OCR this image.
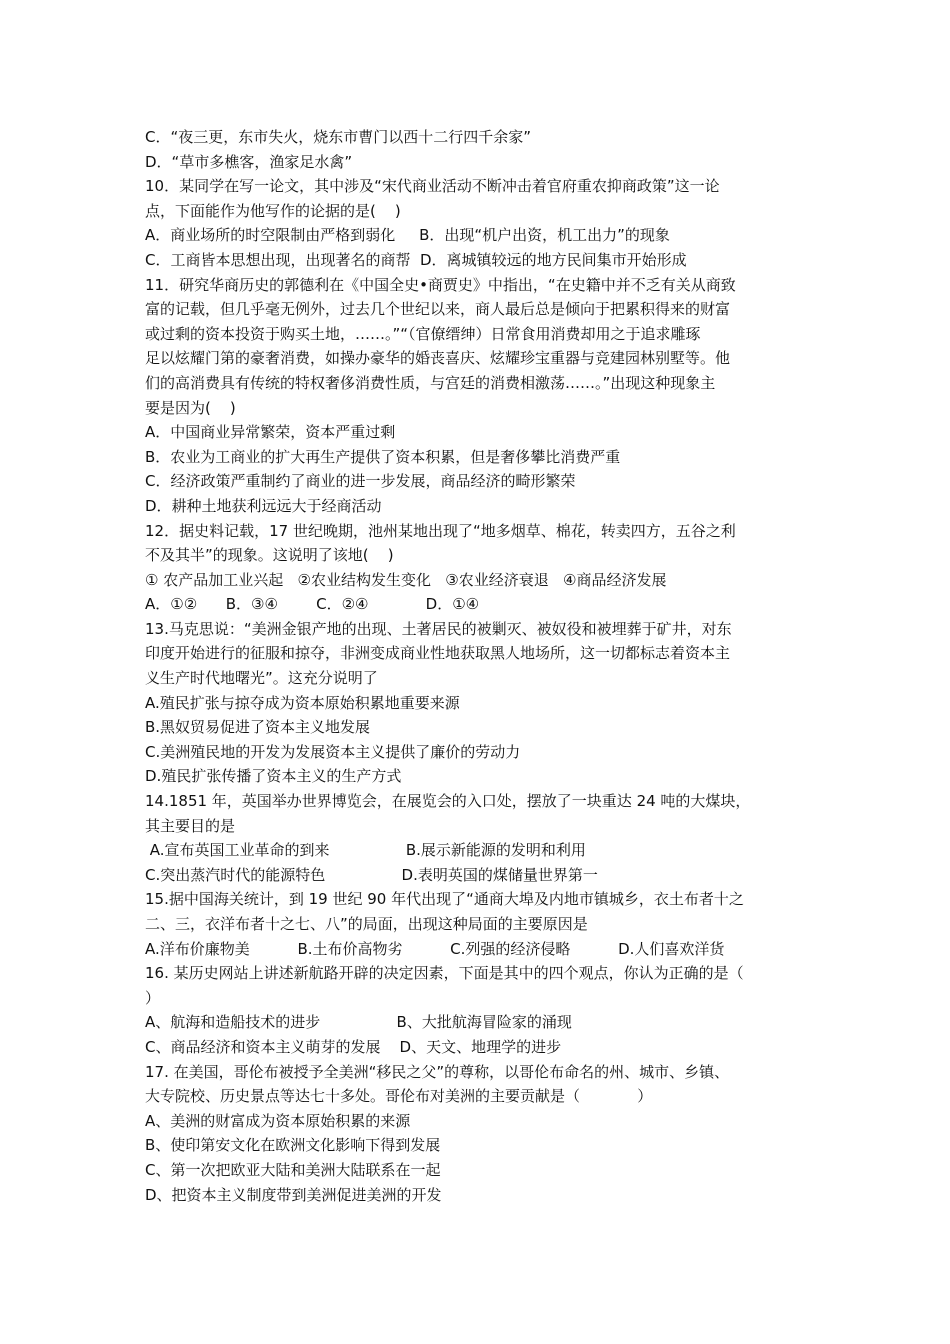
C．“夜三更，东市失火，烧东市曹门以西十二行四千余家”
D．“草市多樵客，渔家足水禽”
10．某同学在写一论文，其中涉及“宋代商业活动不断冲击着官府重农抑商政策”这一论
点，下面能作为他写作的论据的是(    )
A．商业场所的时空限制由严格到弱化     B．出现“机户出资，机工出力”的现象
C．工商皆本思想出现，出现著名的商帮  D．离城镇较远的地方民间集市开始形成
11．研究华商历史的郭德利在《中国全史•商贾史》中指出，“在史籍中并不乏有关从商致
富的记载，但几乎毫无例外，过去几个世纪以来，商人最后总是倾向于把累积得来的财富
或过剩的资本投资于购买土地，……。”“（官僚缙绅）日常食用消费却用之于追求雕琢
足以炫耀门第的豪奢消费，如操办豪华的婚丧喜庆、炫耀珍宝重器与竞建园林别墅等。他
们的高消费具有传统的特权奢侈消费性质，与宫廷的消费相激荡……。”出现这种现象主
要是因为(    )
A．中国商业异常繁荣，资本严重过剩
B．农业为工商业的扩大再生产提供了资本积累，但是奢侈攀比消费严重
C．经济政策严重制约了商业的进一步发展，商品经济的畸形繁荣
D．耕种土地获利远远大于经商活动
12．据史料记载，17 世纪晚期，池州某地出现了“地多烟草、棉花，转卖四方，五谷之利
不及其半”的现象。这说明了该地(    )
① 农产品加工业兴起   ②农业结构发生变化   ③农业经济衰退   ④商品经济发展
A．①②      B．③④        C．②④            D．①④
13.马克思说：“美洲金银产地的出现、土著居民的被剿灭、被奴役和被埋葬于矿井，对东
印度开始进行的征服和掠夺，非洲变成商业性地获取黑人地场所，这一切都标志着资本主
义生产时代地曙光”。这充分说明了
A.殖民扩张与掠夺成为资本原始积累地重要来源
B.黑奴贸易促进了资本主义地发展
C.美洲殖民地的开发为发展资本主义提供了廉价的劳动力
D.殖民扩张传播了资本主义的生产方式
14.1851 年，英国举办世界博览会，在展览会的入口处，摆放了一块重达 24 吨的大煤块，
其主要目的是
A.宣布英国工业革命的到来                B.展示新能源的发明和利用
C.突出蒸汽时代的能源特色                D.表明英国的煤储量世界第一
15.据中国海关统计，到 19 世纪 90 年代出现了“通商大埠及内地市镇城乡，衣土布者十之
二、三，衣洋布者十之七、八”的局面，出现这种局面的主要原因是
A.洋布价廉物美          B.土布价高物劣          C.列强的经济侵略          D.人们喜欢洋货
16. 某历史网站上讲述新航路开辟的决定因素，下面是其中的四个观点，你认为正确的是（
）
A、航海和造船技术的进步                B、大批航海冒险家的涌现
C、商品经济和资本主义萌芽的发展    D、天文、地理学的进步
17. 在美国，哥伦布被授予全美洲“移民之父”的尊称，以哥伦布命名的州、城市、乡镇、
大专院校、历史景点等达七十多处。哥伦布对美洲的主要贡献是（            ）
A、美洲的财富成为资本原始积累的来源
B、使印第安文化在欧洲文化影响下得到发展
C、第一次把欧亚大陆和美洲大陆联系在一起
D、把资本主义制度带到美洲促进美洲的开发
